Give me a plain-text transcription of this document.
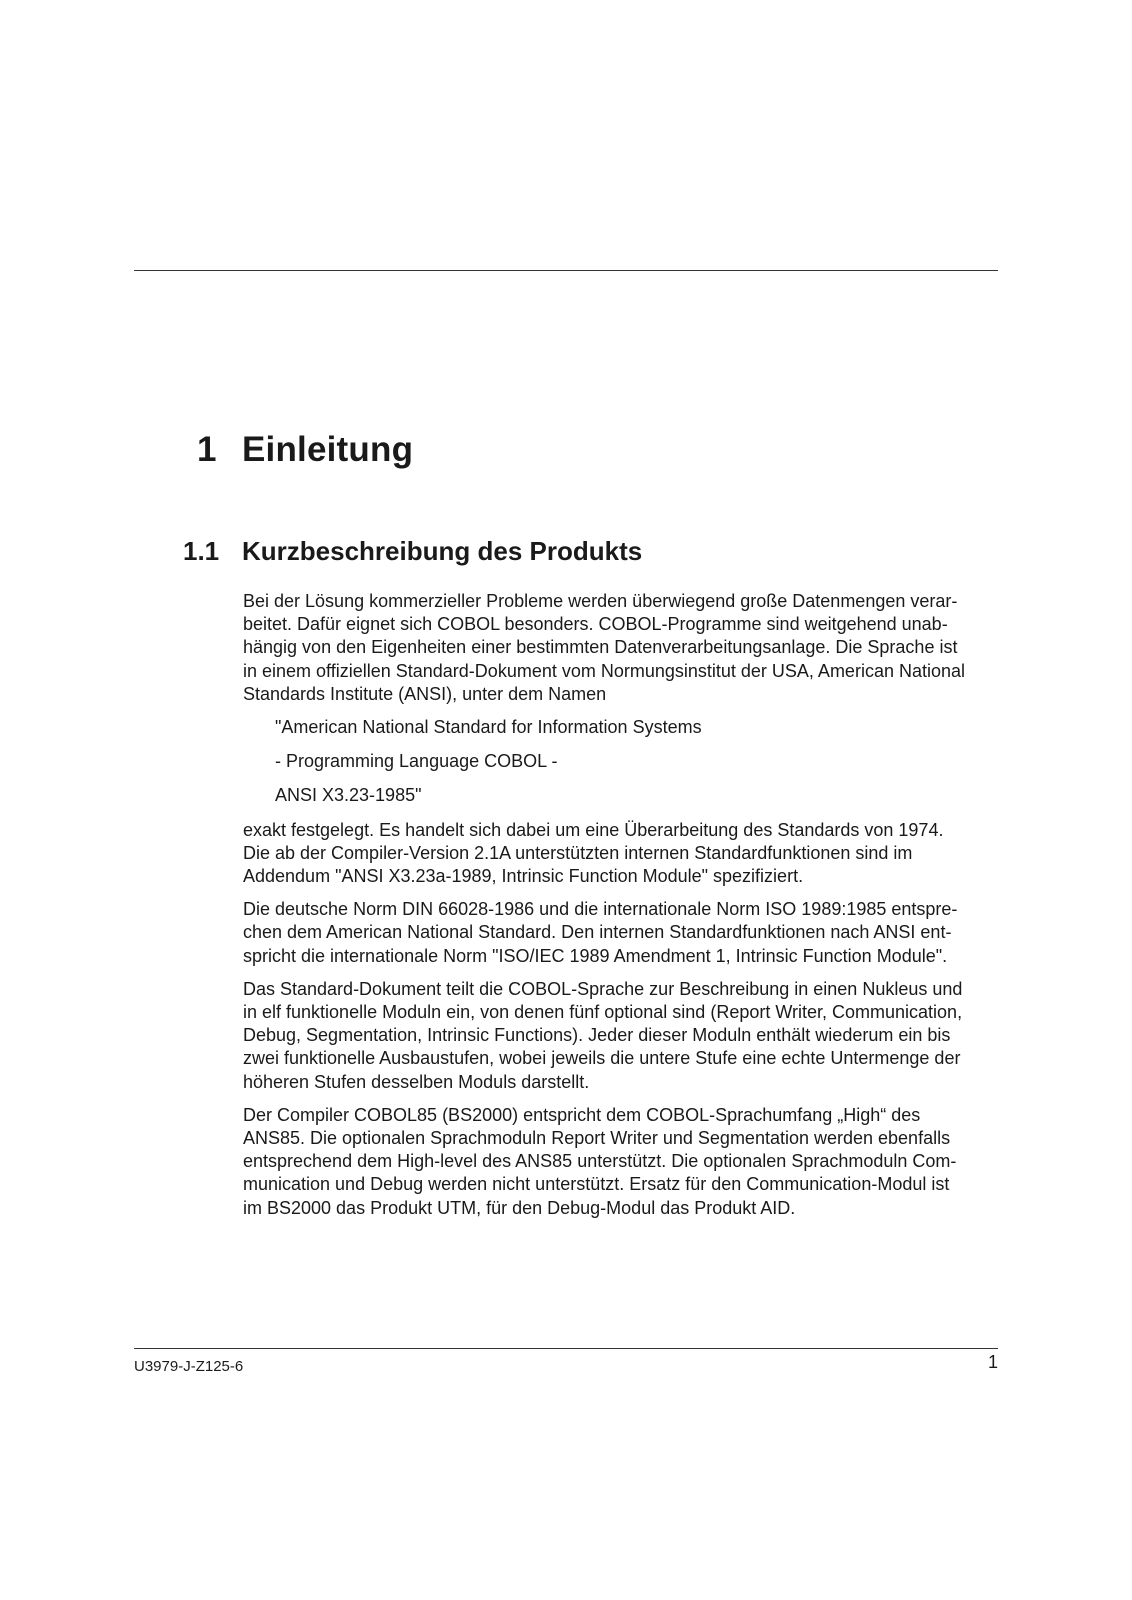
1 Einleitung
1.1 Kurzbeschreibung des Produkts

Bei der Lösung kommerzieller Probleme werden überwiegend große Datenmengen verar-
beitet. Dafür eignet sich COBOL besonders. COBOL-Programme sind weitgehend unab-
hängig von den Eigenheiten einer bestimmten Datenverarbeitungsanlage. Die Sprache ist
in einem offiziellen Standard-Dokument vom Normungsinstitut der USA, American National
Standards Institute (ANSI), unter dem Namen

"American National Standard for Information Systems

- Programming Language COBOL -

ANSI X3.23-1985"

exakt festgelegt. Es handelt sich dabei um eine Überarbeitung des Standards von 1974.
Die ab der Compiler-Version 2.1A unterstützten internen Standardfunktionen sind im
Addendum "ANSI X3.23a-1989, Intrinsic Function Module" spezifiziert.

Die deutsche Norm DIN 66028-1986 und die internationale Norm ISO 1989:1985 entspre-
chen dem American National Standard. Den internen Standardfunktionen nach ANSI ent-
spricht die internationale Norm "ISO/IEC 1989 Amendment 1, Intrinsic Function Module".

Das Standard-Dokument teilt die COBOL-Sprache zur Beschreibung in einen Nukleus und
in elf funktionelle Moduln ein, von denen fünf optional sind (Report Writer, Communication,
Debug, Segmentation, Intrinsic Functions). Jeder dieser Moduln enthält wiederum ein bis
zwei funktionelle Ausbaustufen, wobei jeweils die untere Stufe eine echte Untermenge der
höheren Stufen desselben Moduls darstellt.

Der Compiler COBOL85 (BS2000) entspricht dem COBOL-Sprachumfang „High“ des
ANS85. Die optionalen Sprachmoduln Report Writer und Segmentation werden ebenfalls
entsprechend dem High-level des ANS85 unterstützt. Die optionalen Sprachmoduln Com-
munication und Debug werden nicht unterstützt. Ersatz für den Communication-Modul ist
im BS2000 das Produkt UTM, für den Debug-Modul das Produkt AID.

U3979-J-Z125-6	1
